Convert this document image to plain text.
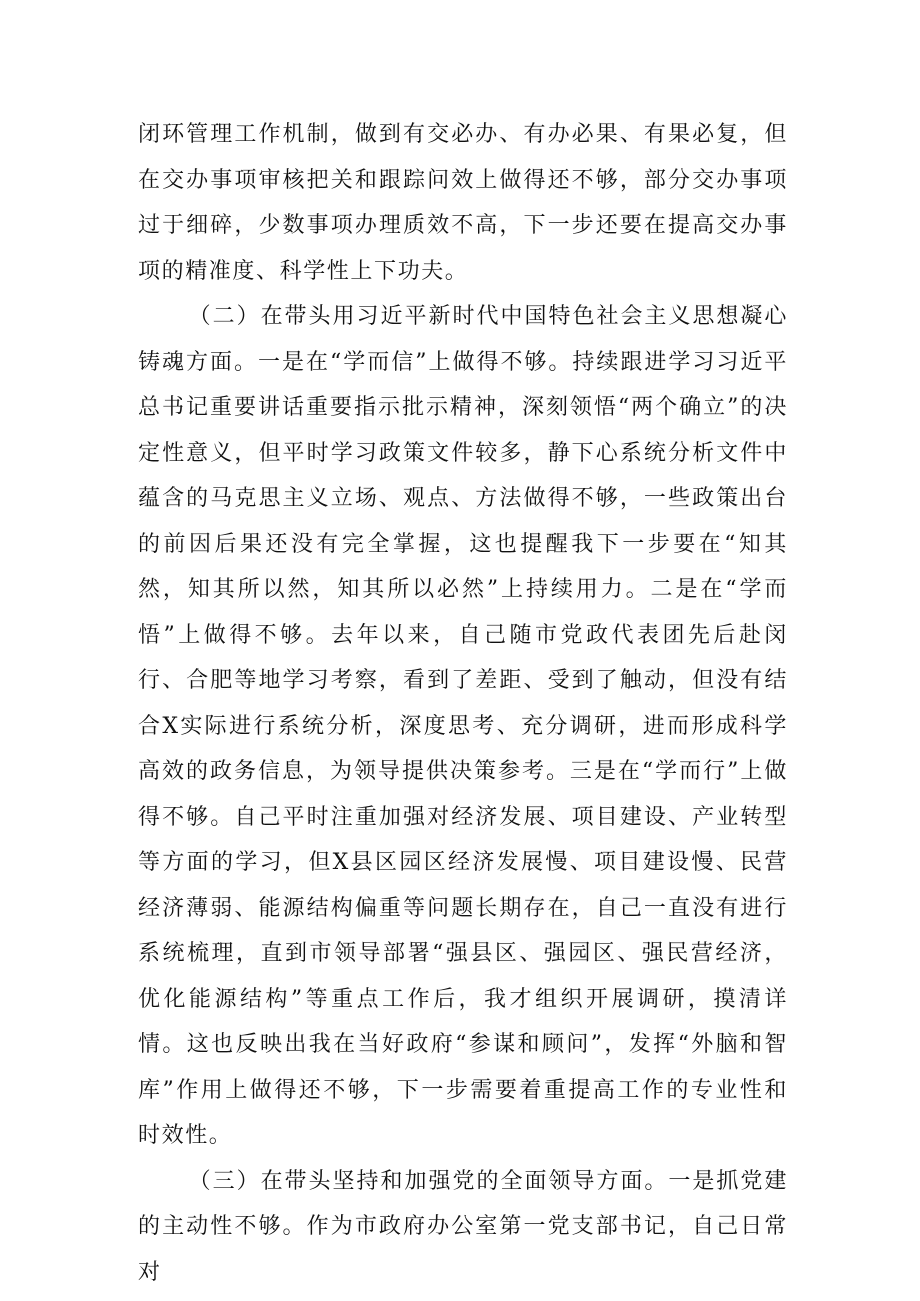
闭环管理工作机制，做到有交必办、有办必果、有果必复，但在交办事项审核把关和跟踪问效上做得还不够，部分交办事项过于细碎，少数事项办理质效不高，下一步还要在提高交办事项的精准度、科学性上下功夫。

（二）在带头用习近平新时代中国特色社会主义思想凝心铸魂方面。一是在“学而信”上做得不够。持续跟进学习习近平总书记重要讲话重要指示批示精神，深刻领悟“两个确立”的决定性意义，但平时学习政策文件较多，静下心系统分析文件中蕴含的马克思主义立场、观点、方法做得不够，一些政策出台的前因后果还没有完全掌握，这也提醒我下一步要在“知其然，知其所以然，知其所以必然”上持续用力。二是在“学而悟”上做得不够。去年以来，自己随市党政代表团先后赴闵行、合肥等地学习考察，看到了差距、受到了触动，但没有结合X实际进行系统分析，深度思考、充分调研，进而形成科学高效的政务信息，为领导提供决策参考。三是在“学而行”上做得不够。自己平时注重加强对经济发展、项目建设、产业转型等方面的学习，但X县区园区经济发展慢、项目建设慢、民营经济薄弱、能源结构偏重等问题长期存在，自己一直没有进行系统梳理，直到市领导部署“强县区、强园区、强民营经济，优化能源结构”等重点工作后，我才组织开展调研，摸清详情。这也反映出我在当好政府“参谋和顾问”，发挥“外脑和智库”作用上做得还不够，下一步需要着重提高工作的专业性和时效性。

（三）在带头坚持和加强党的全面领导方面。一是抓党建的主动性不够。作为市政府办公室第一党支部书记，自己日常对
